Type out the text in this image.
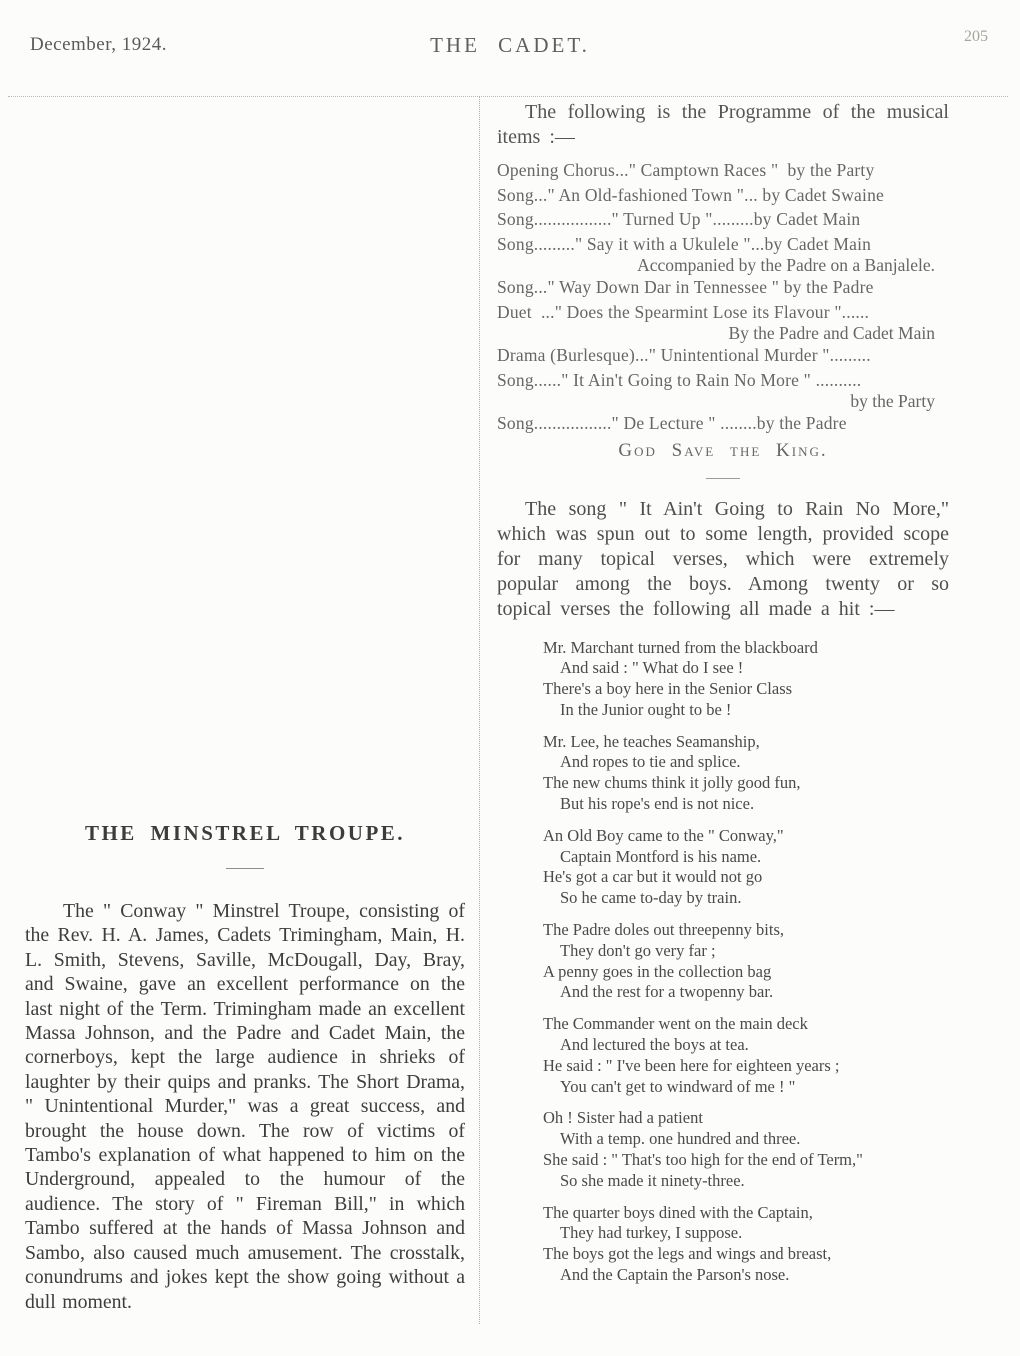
December, 1924.	THE CADET.	205
THE MINSTREL TROUPE.
The " Conway " Minstrel Troupe, consisting of the Rev. H. A. James, Cadets Trimingham, Main, H. L. Smith, Stevens, Saville, McDougall, Day, Bray, and Swaine, gave an excellent performance on the last night of the Term. Trimingham made an excellent Massa Johnson, and the Padre and Cadet Main, the cornerboys, kept the large audience in shrieks of laughter by their quips and pranks. The Short Drama, " Unintentional Murder," was a great success, and brought the house down. The row of victims of Tambo's explanation of what happened to him on the Underground, appealed to the humour of the audience. The story of " Fireman Bill," in which Tambo suffered at the hands of Massa Johnson and Sambo, also caused much amusement. The crosstalk, conundrums and jokes kept the show going without a dull moment.
The following is the Programme of the musical items :—
Opening Chorus..." Camptown Races "  by the Party
Song..." An Old-fashioned Town "... by Cadet Swaine
Song................." Turned Up ".........by Cadet Main
Song........." Say it with a Ukulele "...by Cadet Main
Accompanied by the Padre on a Banjalele.
Song..." Way Down Dar in Tennessee " by the Padre
Duet  ..." Does the Spearmint Lose its Flavour "......
By the Padre and Cadet Main
Drama (Burlesque)..." Unintentional Murder ".........
Song......" It Ain't Going to Rain No More " ..........
by the Party
Song................." De Lecture " ........by the Padre
God Save the King.
The song " It Ain't Going to Rain No More," which was spun out to some length, provided scope for many topical verses, which were extremely popular among the boys. Among twenty or so topical verses the following all made a hit :—
Mr. Marchant turned from the blackboard
And said : " What do I see !
There's a boy here in the Senior Class
In the Junior ought to be !
Mr. Lee, he teaches Seamanship,
And ropes to tie and splice.
The new chums think it jolly good fun,
But his rope's end is not nice.
An Old Boy came to the " Conway,"
Captain Montford is his name.
He's got a car but it would not go
So he came to-day by train.
The Padre doles out threepenny bits,
They don't go very far ;
A penny goes in the collection bag
And the rest for a twopenny bar.
The Commander went on the main deck
And lectured the boys at tea.
He said : " I've been here for eighteen years ;
You can't get to windward of me ! "
Oh ! Sister had a patient
With a temp. one hundred and three.
She said : " That's too high for the end of Term,"
So she made it ninety-three.
The quarter boys dined with the Captain,
They had turkey, I suppose.
The boys got the legs and wings and breast,
And the Captain the Parson's nose.
